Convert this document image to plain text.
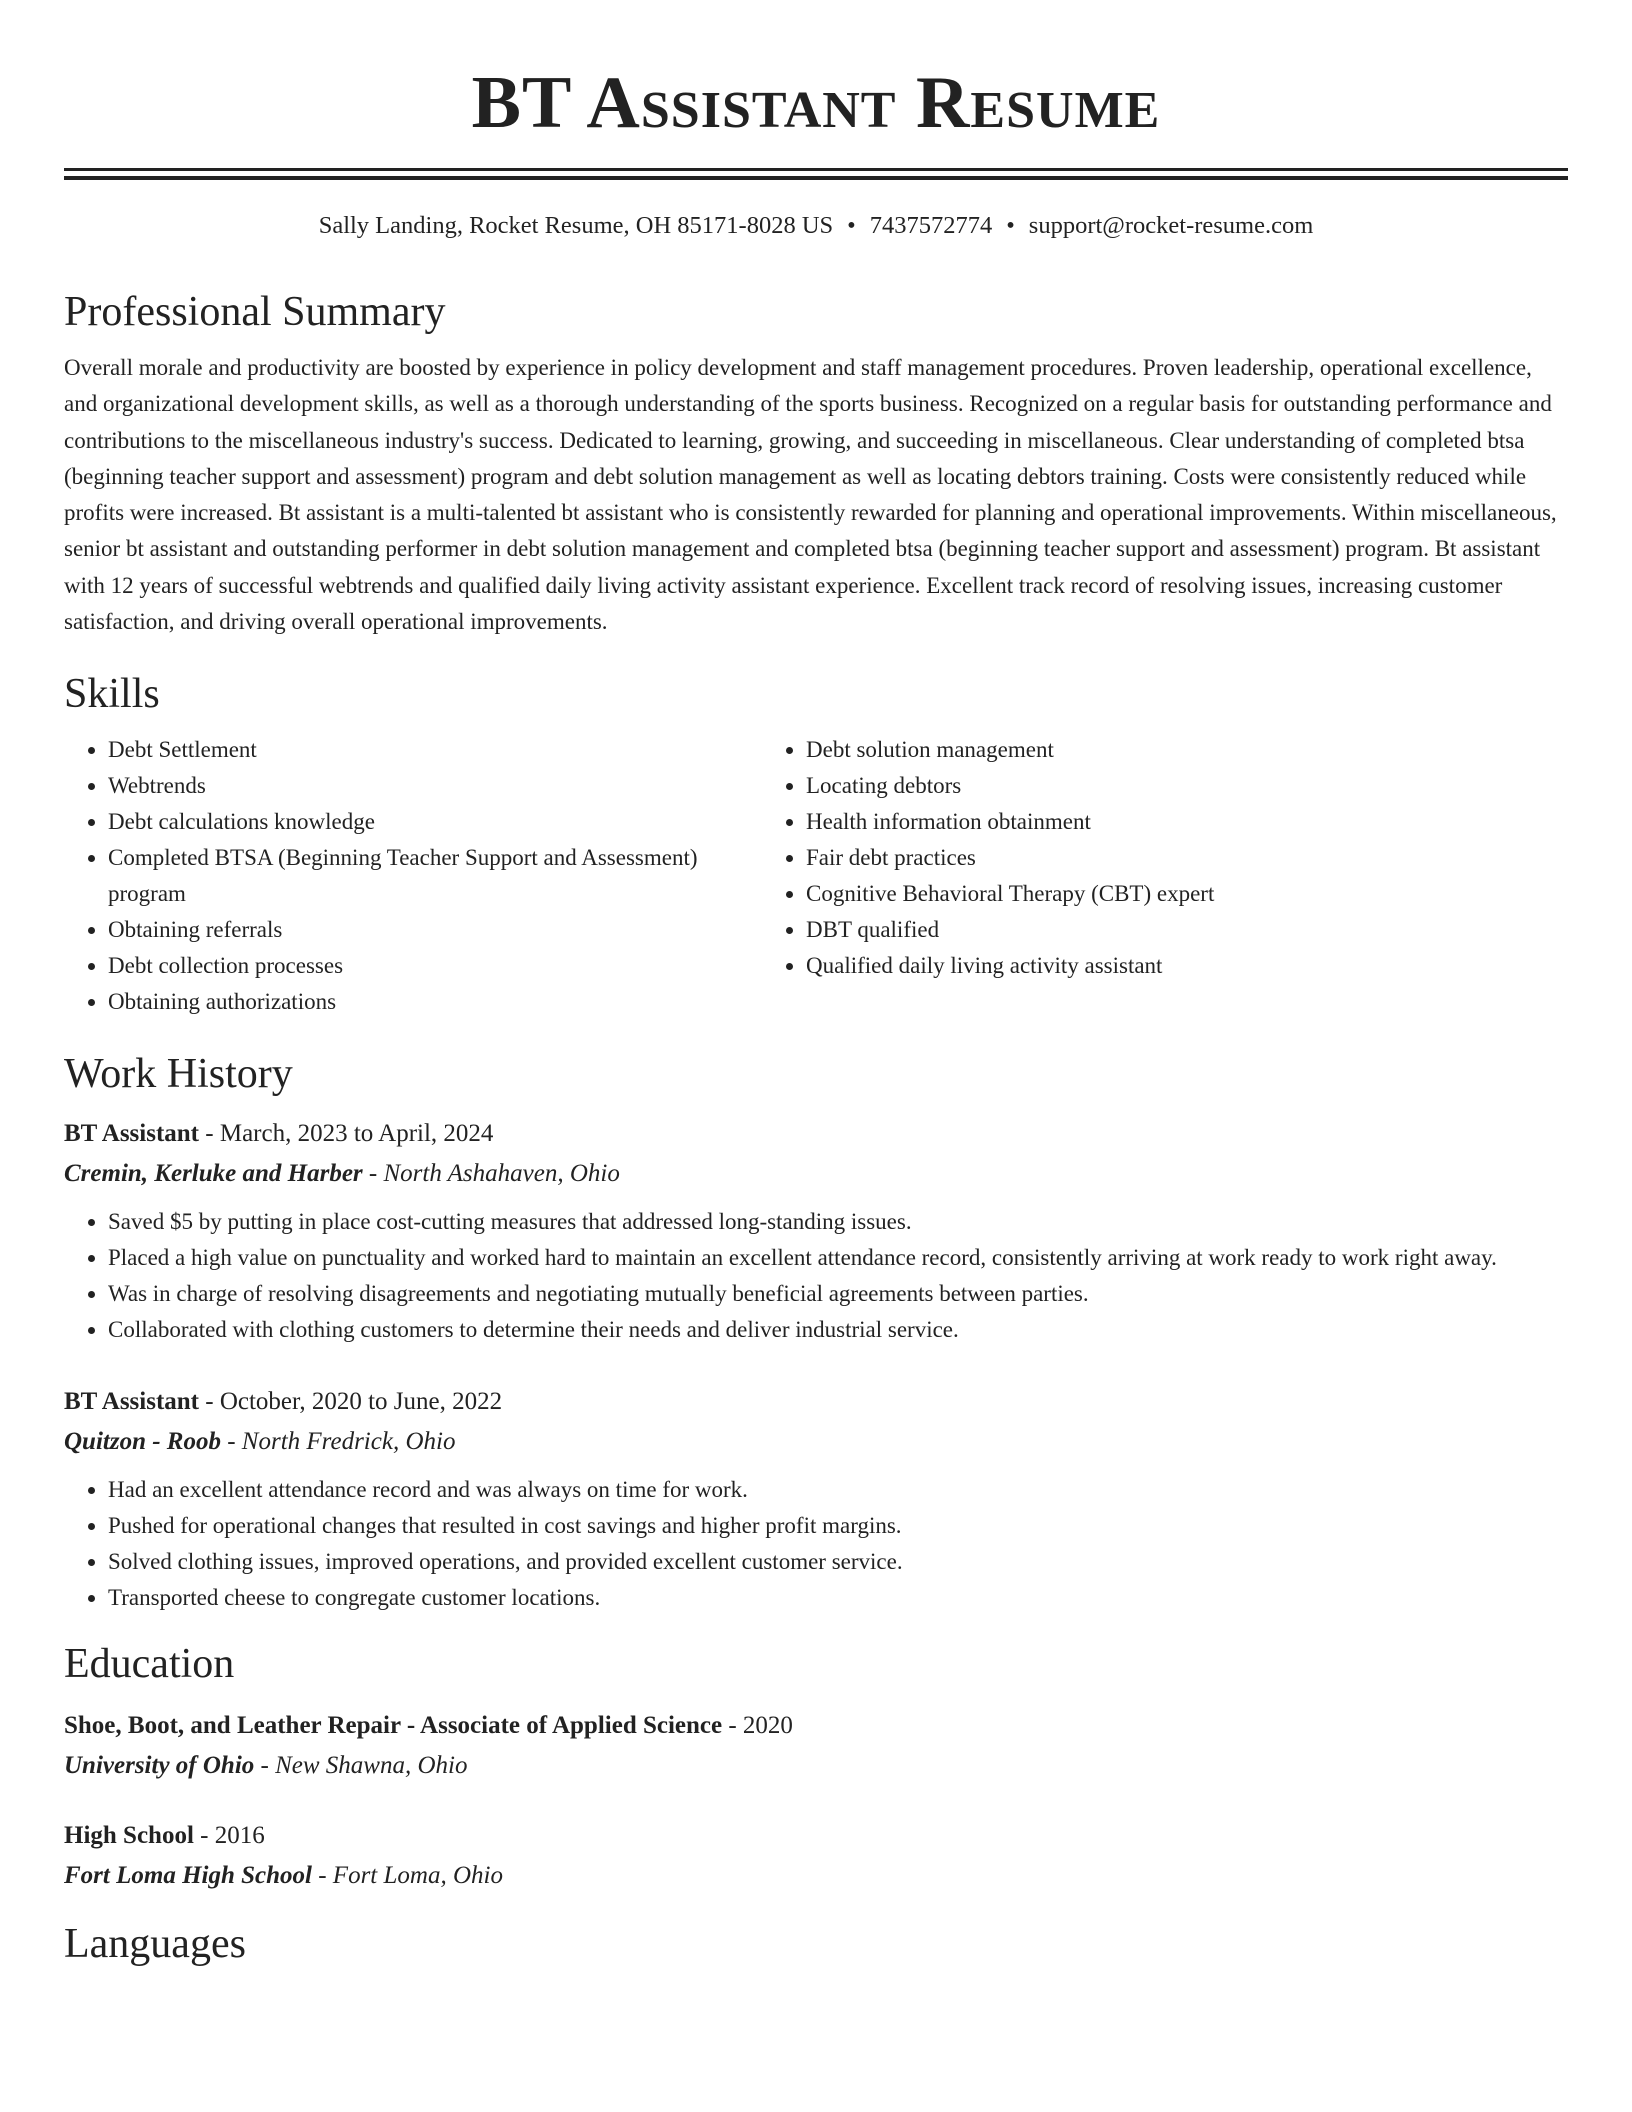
BT Assistant Resume
Sally Landing, Rocket Resume, OH 85171-8028 US • 7437572774 • support@rocket-resume.com
Professional Summary

Overall morale and productivity are boosted by experience in policy development and staff management procedures. Proven leadership, operational excellence, and organizational development skills, as well as a thorough understanding of the sports business. Recognized on a regular basis for outstanding performance and contributions to the miscellaneous industry's success. Dedicated to learning, growing, and succeeding in miscellaneous. Clear understanding of completed btsa (beginning teacher support and assessment) program and debt solution management as well as locating debtors training. Costs were consistently reduced while profits were increased. Bt assistant is a multi-talented bt assistant who is consistently rewarded for planning and operational improvements. Within miscellaneous, senior bt assistant and outstanding performer in debt solution management and completed btsa (beginning teacher support and assessment) program. Bt assistant with 12 years of successful webtrends and qualified daily living activity assistant experience. Excellent track record of resolving issues, increasing customer satisfaction, and driving overall operational improvements.

Skills
• Debt Settlement
• Webtrends
• Debt calculations knowledge
• Completed BTSA (Beginning Teacher Support and Assessment) program
• Obtaining referrals
• Debt collection processes
• Obtaining authorizations
• Debt solution management
• Locating debtors
• Health information obtainment
• Fair debt practices
• Cognitive Behavioral Therapy (CBT) expert
• DBT qualified
• Qualified daily living activity assistant
Work History
BT Assistant - March, 2023 to April, 2024
Cremin, Kerluke and Harber - North Ashahaven, Ohio
• Saved $5 by putting in place cost-cutting measures that addressed long-standing issues.
• Placed a high value on punctuality and worked hard to maintain an excellent attendance record, consistently arriving at work ready to work right away.
• Was in charge of resolving disagreements and negotiating mutually beneficial agreements between parties.
• Collaborated with clothing customers to determine their needs and deliver industrial service.
BT Assistant - October, 2020 to June, 2022
Quitzon - Roob - North Fredrick, Ohio
• Had an excellent attendance record and was always on time for work.
• Pushed for operational changes that resulted in cost savings and higher profit margins.
• Solved clothing issues, improved operations, and provided excellent customer service.
• Transported cheese to congregate customer locations.
Education
Shoe, Boot, and Leather Repair - Associate of Applied Science - 2020
University of Ohio - New Shawna, Ohio
High School - 2016
Fort Loma High School - Fort Loma, Ohio
Languages
